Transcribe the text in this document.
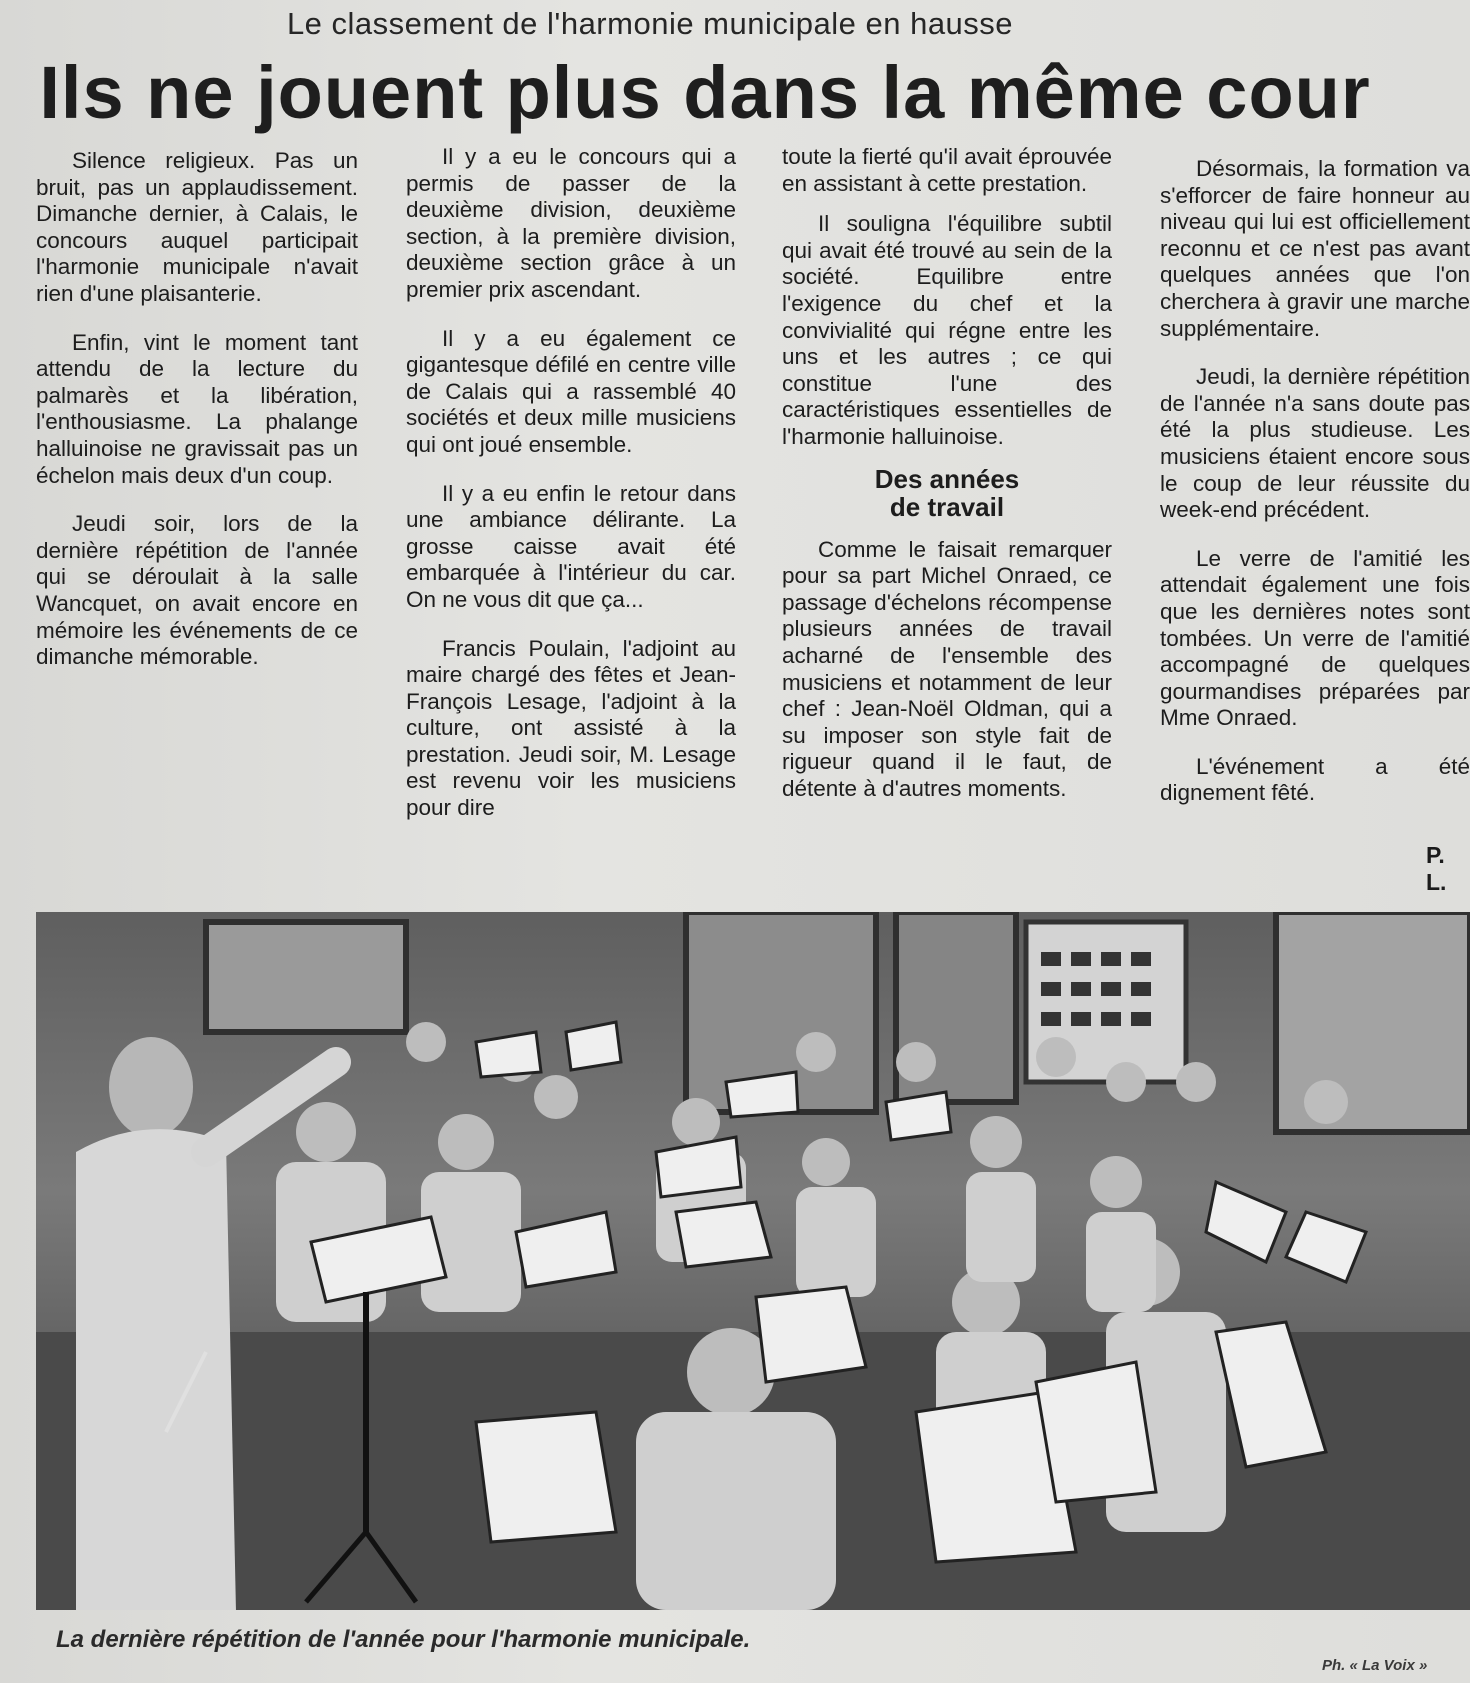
Le classement de l'harmonie municipale en hausse
Ils ne jouent plus dans la même cour

Silence religieux. Pas un bruit, pas un applaudissement. Dimanche dernier, à Calais, le concours auquel participait l'harmonie municipale n'avait rien d'une plaisanterie.

Enfin, vint le moment tant attendu de la lecture du palmarès et la libération, l'enthousiasme. La phalange halluinoise ne gravissait pas un échelon mais deux d'un coup.

Jeudi soir, lors de la dernière répétition de l'année qui se déroulait à la salle Wancquet, on avait encore en mémoire les événements de ce dimanche mémorable.

Il y a eu le concours qui a permis de passer de la deuxième division, deuxième section, à la première division, deuxième section grâce à un premier prix ascendant.

Il y a eu également ce gigantesque défilé en centre ville de Calais qui a rassemblé 40 sociétés et deux mille musiciens qui ont joué ensemble.

Il y a eu enfin le retour dans une ambiance délirante. La grosse caisse avait été embarquée à l'intérieur du car. On ne vous dit que ça...

Francis Poulain, l'adjoint au maire chargé des fêtes et Jean-François Lesage, l'adjoint à la culture, ont assisté à la prestation. Jeudi soir, M. Lesage est revenu voir les musiciens pour dire

toute la fierté qu'il avait éprouvée en assistant à cette prestation.

Il souligna l'équilibre subtil qui avait été trouvé au sein de la société. Equilibre entre l'exigence du chef et la convivialité qui régne entre les uns et les autres ; ce qui constitue l'une des caractéristiques essentielles de l'harmonie halluinoise.

Des années
de travail

Comme le faisait remarquer pour sa part Michel Onraed, ce passage d'échelons récompense plusieurs années de travail acharné de l'ensemble des musiciens et notamment de leur chef : Jean-Noël Oldman, qui a su imposer son style fait de rigueur quand il le faut, de détente à d'autres moments.

Désormais, la formation va s'efforcer de faire honneur au niveau qui lui est officiellement reconnu et ce n'est pas avant quelques années que l'on cherchera à gravir une marche supplémentaire.

Jeudi, la dernière répétition de l'année n'a sans doute pas été la plus studieuse. Les musiciens étaient encore sous le coup de leur réussite du week-end précédent.

Le verre de l'amitié les attendait également une fois que les dernières notes sont tombées. Un verre de l'amitié accompagné de quelques gourmandises préparées par Mme Onraed.

L'événement a été dignement fêté.

P. L.
La dernière répétition de l'année pour l'harmonie municipale.
Ph. « La Voix »
